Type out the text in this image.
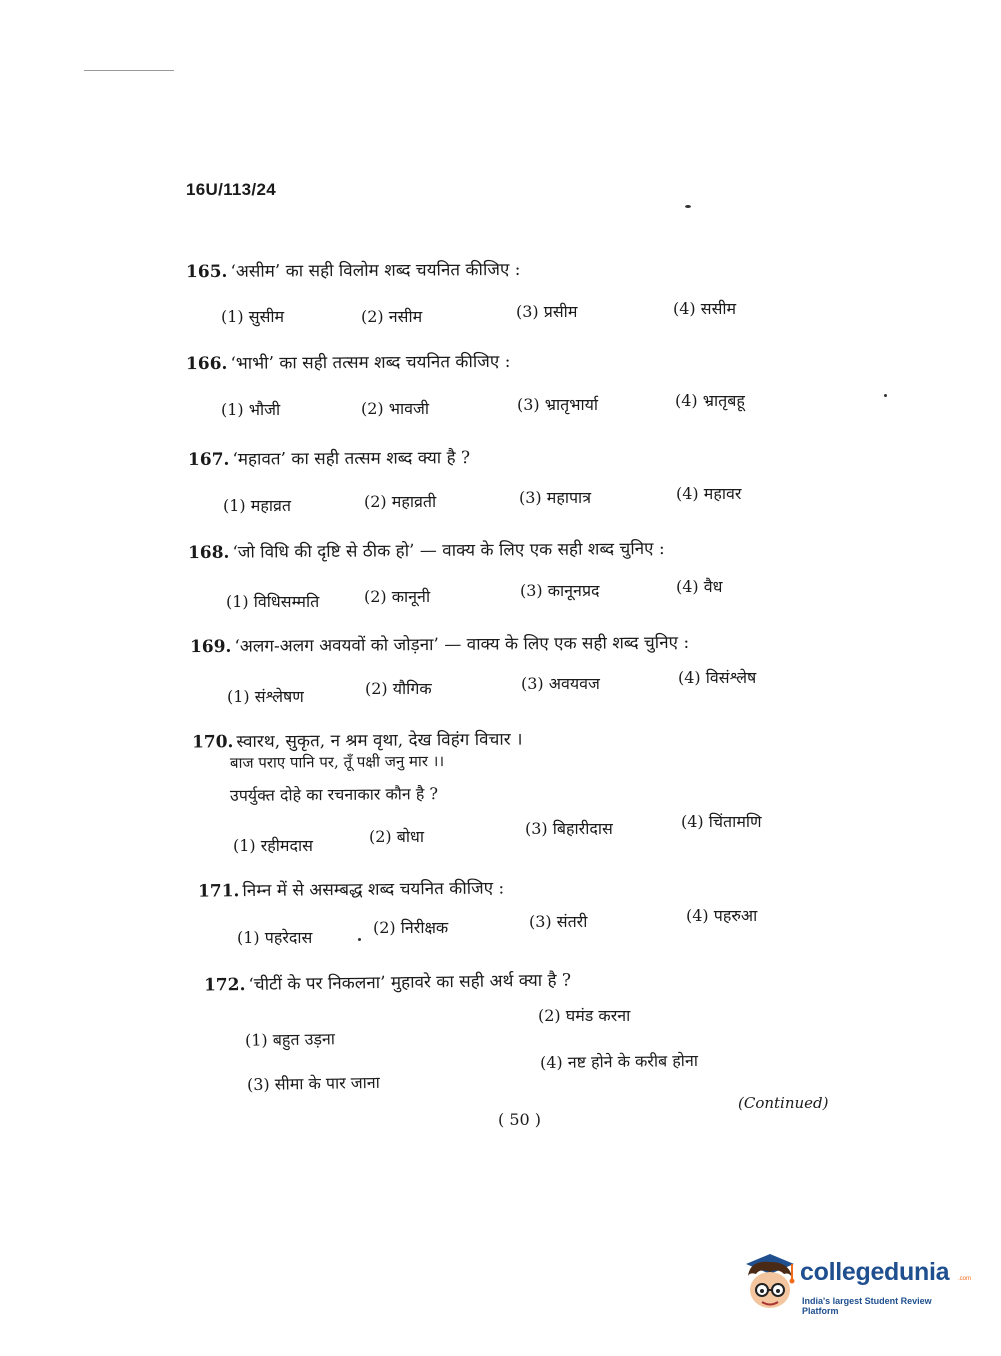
16U/113/24
165. ‘असीम’ का सही विलोम शब्द चयनित कीजिए :
(1) सुसीम	(2) नसीम	(3) प्रसीम	(4) ससीम
166. ‘भाभी’ का सही तत्सम शब्द चयनित कीजिए :
(1) भौजी	(2) भावजी	(3) भ्रातृभार्या	(4) भ्रातृबहू
167. ‘महावत’ का सही तत्सम शब्द क्या है ?
(1) महाव्रत	(2) महाव्रती	(3) महापात्र	(4) महावर
168. ‘जो विधि की दृष्टि से ठीक हो’ — वाक्य के लिए एक सही शब्द चुनिए :
(1) विधिसम्मति	(2) कानूनी	(3) कानूनप्रद	(4) वैध
169. ‘अलग-अलग अवयवों को जोड़ना’ — वाक्य के लिए एक सही शब्द चुनिए :
(1) संश्लेषण	(2) यौगिक	(3) अवयवज	(4) विसंश्लेष
170. स्वारथ, सुकृत, न श्रम वृथा, देख विहंग विचार ।
बाज पराए पानि पर, तूँ पक्षी जनु मार ।।
उपर्युक्त दोहे का रचनाकार कौन है ?
(1) रहीमदास	(2) बोधा	(3) बिहारीदास	(4) चिंतामणि
171. निम्न में से असम्बद्ध शब्द चयनित कीजिए :
(1) पहरेदास
(2) निरीक्षक	(3) संतरी	(4) पहरुआ
172. ‘चीटीं के पर निकलना’ मुहावरे का सही अर्थ क्या है ?
(1) बहुत उड़ना
(2) घमंड करना
(3) सीमा के पार जाना
(4) नष्ट होने के करीब होना
(Continued)
( 50 )
collegedunia .com
India's largest Student Review Platform
